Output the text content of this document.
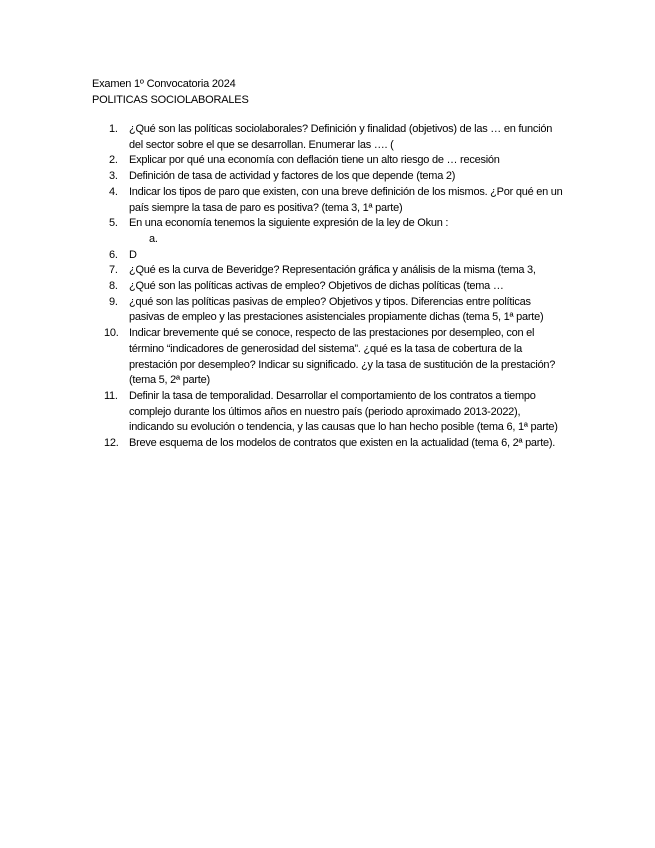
Examen 1º Convocatoria 2024
POLITICAS SOCIOLABORALES
1.	¿Qué son las políticas sociolaborales? Definición y finalidad (objetivos) de las … en función del sector sobre el que se desarrollan. Enumerar las …. (
2.	Explicar por qué una economía con deflación tiene un alto riesgo de … recesión
3.	Definición de tasa de actividad y factores de los que depende (tema 2)
4.	Indicar los tipos de paro que existen, con una breve definición de los mismos. ¿Por qué en un país siempre la tasa de paro es positiva? (tema 3, 1ª parte)
5.	En una economía tenemos la siguiente expresión de la ley de Okun :
a.
6.	D
7.	¿Qué es la curva de Beveridge? Representación gráfica y análisis de la misma (tema 3,
8.	¿Qué son las políticas activas de empleo? Objetivos de dichas políticas (tema …
9.	¿qué son las políticas pasivas de empleo? Objetivos y tipos. Diferencias entre políticas pasivas de empleo y las prestaciones asistenciales propiamente dichas (tema 5, 1ª parte)
10. Indicar brevemente qué se conoce, respecto de las prestaciones por desempleo, con el término “indicadores de generosidad del sistema”. ¿qué es la tasa de cobertura de la prestación por desempleo? Indicar su significado. ¿y la tasa de sustitución de la prestación? (tema 5, 2ª parte)
11.	Definir la tasa de temporalidad. Desarrollar el comportamiento de los contratos a tiempo complejo durante los últimos años en nuestro país (periodo aproximado 2013-2022), indicando su evolución o tendencia, y las causas que lo han hecho posible (tema 6, 1ª parte)
12. Breve esquema de los modelos de contratos que existen en la actualidad (tema 6, 2ª parte).
